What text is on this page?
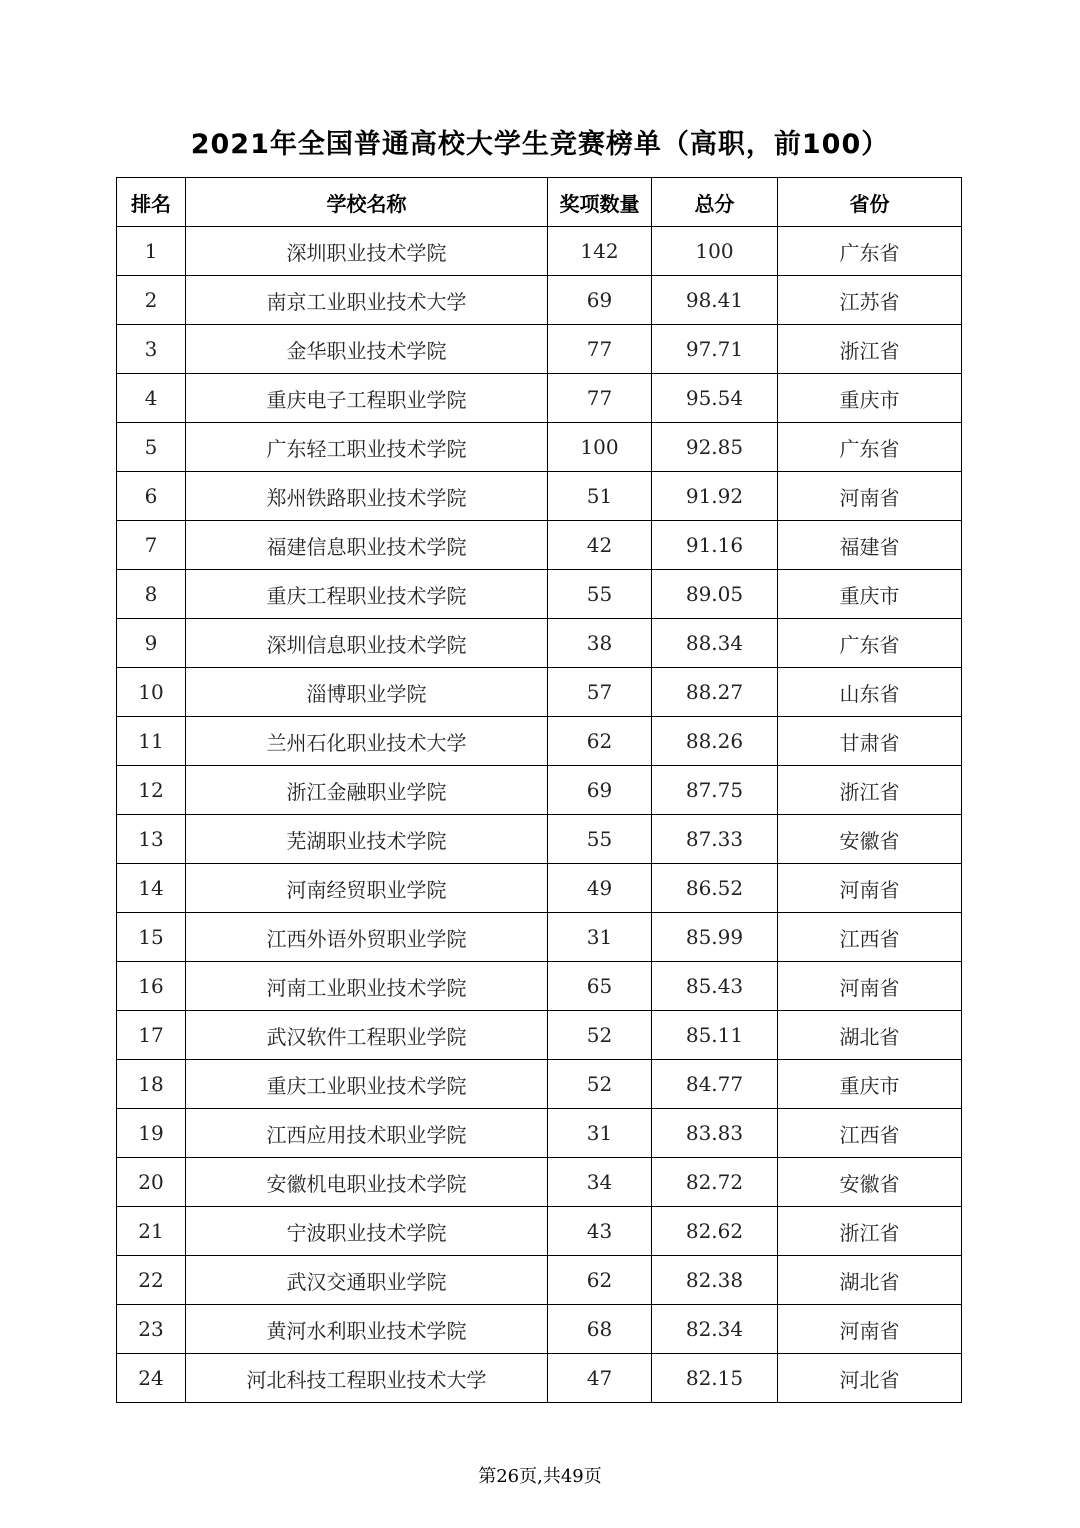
2021年全国普通高校大学生竞赛榜单（高职，前100）
排名	学校名称	奖项数量	总分	省份
1	深圳职业技术学院	142	100	广东省
2	南京工业职业技术大学	69	98.41	江苏省
3	金华职业技术学院	77	97.71	浙江省
4	重庆电子工程职业学院	77	95.54	重庆市
5	广东轻工职业技术学院	100	92.85	广东省
6	郑州铁路职业技术学院	51	91.92	河南省
7	福建信息职业技术学院	42	91.16	福建省
8	重庆工程职业技术学院	55	89.05	重庆市
9	深圳信息职业技术学院	38	88.34	广东省
10	淄博职业学院	57	88.27	山东省
11	兰州石化职业技术大学	62	88.26	甘肃省
12	浙江金融职业学院	69	87.75	浙江省
13	芜湖职业技术学院	55	87.33	安徽省
14	河南经贸职业学院	49	86.52	河南省
15	江西外语外贸职业学院	31	85.99	江西省
16	河南工业职业技术学院	65	85.43	河南省
17	武汉软件工程职业学院	52	85.11	湖北省
18	重庆工业职业技术学院	52	84.77	重庆市
19	江西应用技术职业学院	31	83.83	江西省
20	安徽机电职业技术学院	34	82.72	安徽省
21	宁波职业技术学院	43	82.62	浙江省
22	武汉交通职业学院	62	82.38	湖北省
23	黄河水利职业技术学院	68	82.34	河南省
24	河北科技工程职业技术大学	47	82.15	河北省
第26页,共49页
